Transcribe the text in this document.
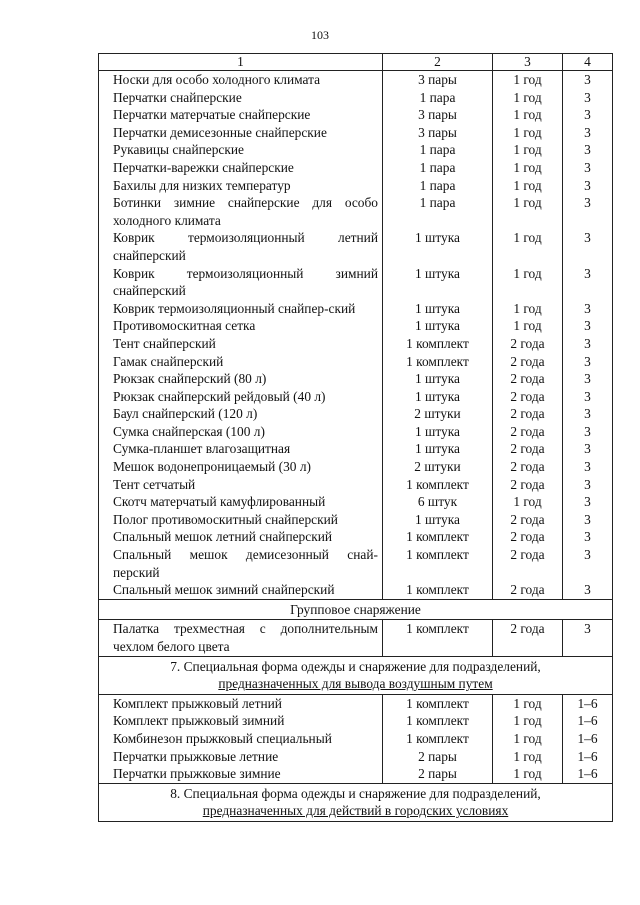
103
1	2	3	4
Носки для особо холодного климата	3 пары	1 год	3
Перчатки снайперские	1 пара	1 год	3
Перчатки матерчатые снайперские	3 пары	1 год	3
Перчатки демисезонные снайперские	3 пары	1 год	3
Рукавицы снайперские	1 пара	1 год	3
Перчатки-варежки снайперские	1 пара	1 год	3
Бахилы для низких температур	1 пара	1 год	3
Ботинки зимние снайперские для особо холодного климата	1 пара	1 год	3
Коврик термоизоляционный летний снайперский	1 штука	1 год	3
Коврик термоизоляционный зимний снайперский	1 штука	1 год	3
Коврик термоизоляционный снайпер-ский	1 штука	1 год	3
Противомоскитная сетка	1 штука	1 год	3
Тент снайперский	1 комплект	2 года	3
Гамак снайперский	1 комплект	2 года	3
Рюкзак снайперский (80 л)	1 штука	2 года	3
Рюкзак снайперский рейдовый (40 л)	1 штука	2 года	3
Баул снайперский (120 л)	2 штуки	2 года	3
Сумка снайперская (100 л)	1 штука	2 года	3
Сумка-планшет влагозащитная	1 штука	2 года	3
Мешок водонепроницаемый (30 л)	2 штуки	2 года	3
Тент сетчатый	1 комплект	2 года	3
Скотч матерчатый камуфлированный	6 штук	1 год	3
Полог противомоскитный снайперский	1 штука	2 года	3
Спальный мешок летний снайперский	1 комплект	2 года	3
Спальный мешок демисезонный снай-перский	1 комплект	2 года	3
Спальный мешок зимний снайперский	1 комплект	2 года	3
Групповое снаряжение			
Палатка трехместная с дополнительным чехлом белого цвета	1 комплект	2 года	3
7. Специальная форма одежды и снаряжение для подразделений,
предназначенных для вывода воздушным путем			

Комплект прыжковый летний	1 комплект	1 год	1–6
Комплект прыжковый зимний	1 комплект	1 год	1–6
Комбинезон прыжковый специальный	1 комплект	1 год	1–6
Перчатки прыжковые летние	2 пары	1 год	1–6
Перчатки прыжковые зимние	2 пары	1 год	1–6
8. Специальная форма одежды и снаряжение для подразделений,
предназначенных для действий в городских условиях			
